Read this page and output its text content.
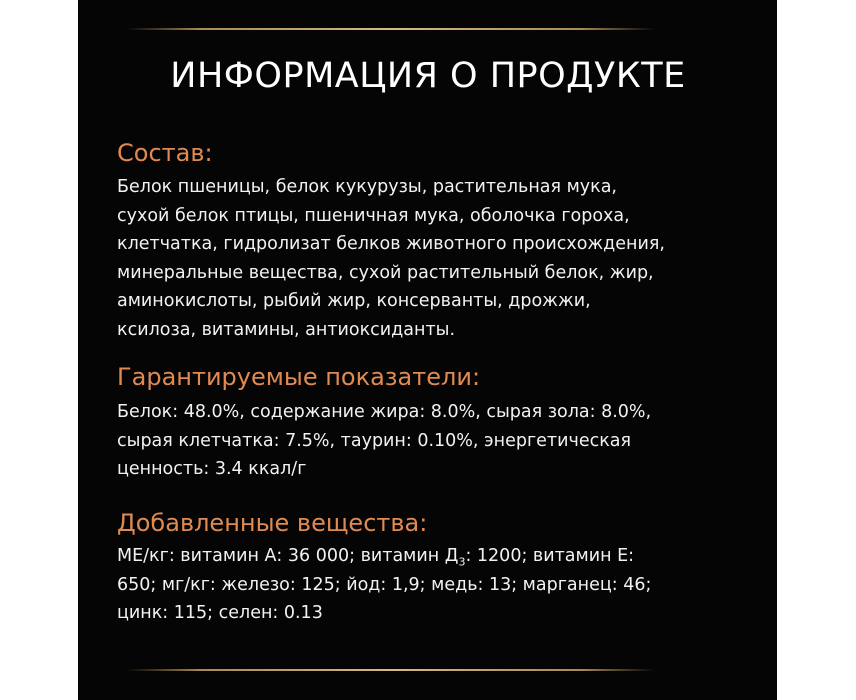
ИНФОРМАЦИЯ О ПРОДУКТЕ
Состав:
Белок пшеницы, белок кукурузы, растительная мука,
сухой белок птицы, пшеничная мука, оболочка гороха,
клетчатка, гидролизат белков животного происхождения,
минеральные вещества, сухой растительный белок, жир,
аминокислоты, рыбий жир, консерванты, дрожжи,
ксилоза, витамины, антиоксиданты.
Гарантируемые показатели:
Белок: 48.0%, содержание жира: 8.0%, сырая зола: 8.0%,
сырая клетчатка: 7.5%, таурин: 0.10%, энергетическая
ценность: 3.4 ккал/г
Добавленные вещества:
МЕ/кг: витамин А: 36 000; витамин $Д_3$: 1200; витамин Е:
650; мг/кг: железо: 125; йод: 1,9; медь: 13; марганец: 46;
цинк: 115; селен: 0.13
